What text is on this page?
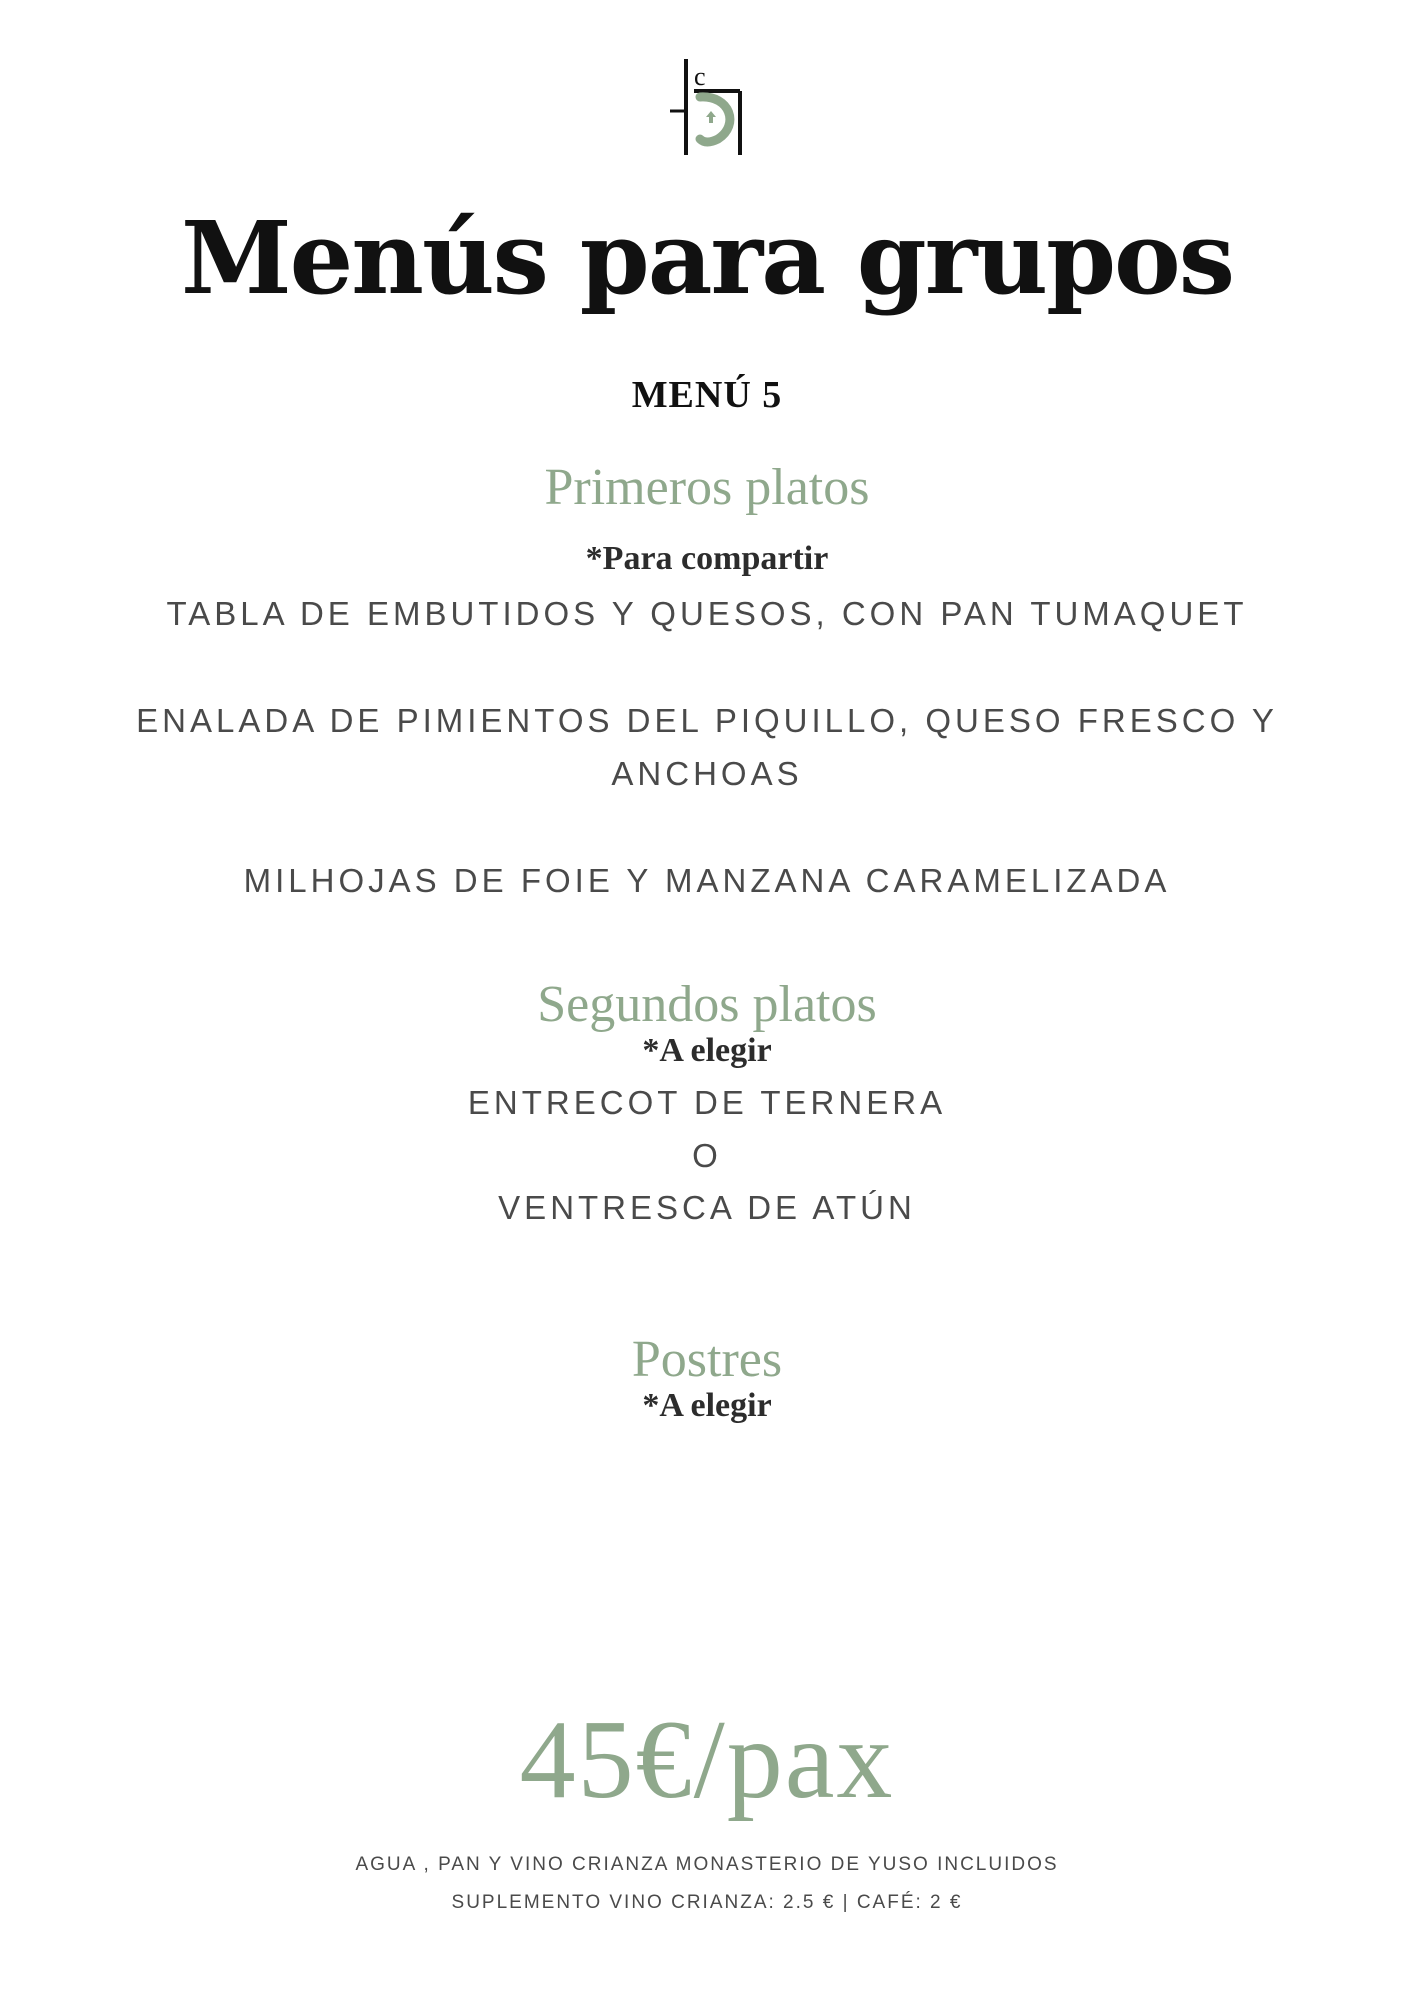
c
Menús para grupos
MENÚ 5
Primeros platos
*Para compartir
TABLA DE EMBUTIDOS Y QUESOS, CON PAN TUMAQUET
ENALADA DE PIMIENTOS DEL PIQUILLO, QUESO FRESCO Y
ANCHOAS
MILHOJAS DE FOIE Y MANZANA CARAMELIZADA
Segundos platos
*A elegir
ENTRECOT DE TERNERA
O
VENTRESCA DE ATÚN
Postres
*A elegir
45€/pax
AGUA , PAN Y VINO CRIANZA MONASTERIO DE YUSO INCLUIDOS
SUPLEMENTO VINO CRIANZA: 2.5 € | CAFÉ: 2 €
